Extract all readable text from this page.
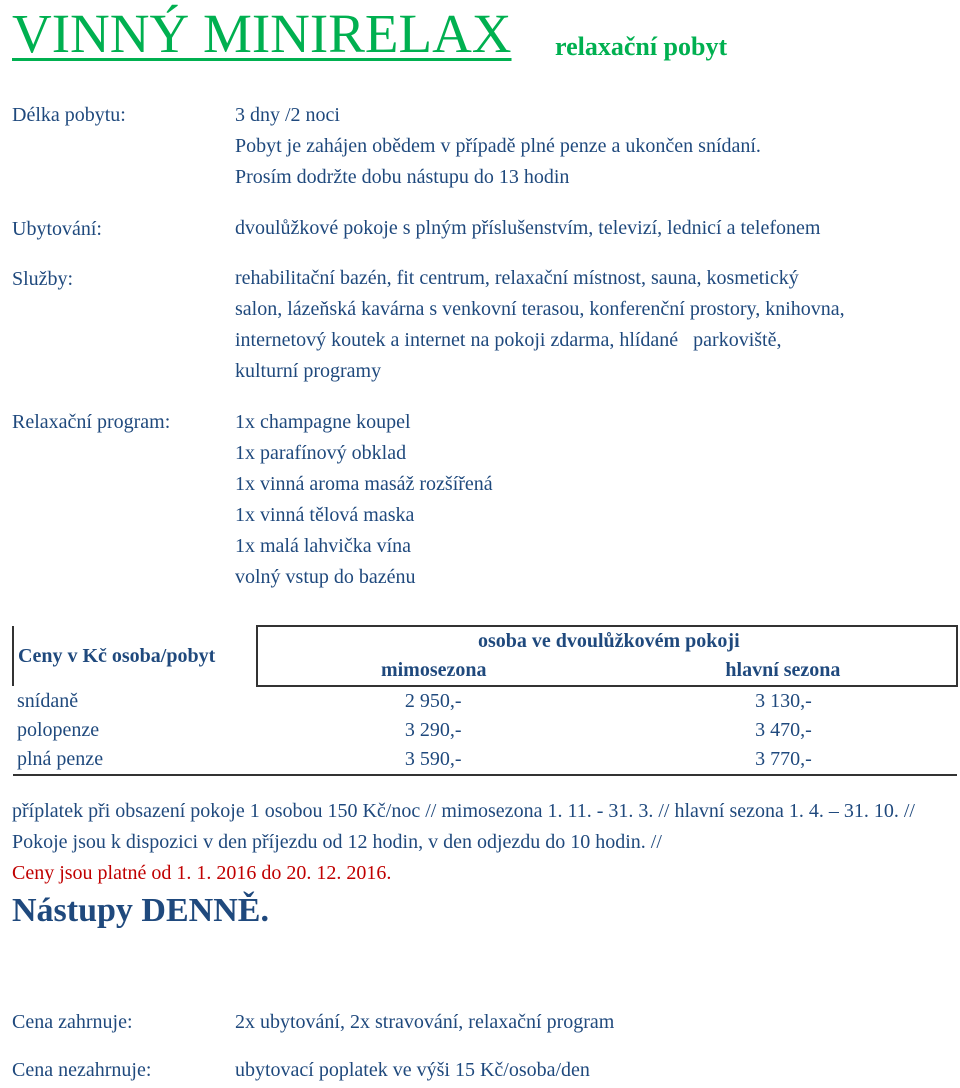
VINNÝ MINIRELAX relaxační pobyt
Délka pobytu:	3 dny /2 noci
Pobyt je zahájen obědem v případě plné penze a ukončen snídaní.
Prosím dodržte dobu nástupu do 13 hodin
Ubytování:	dvoulůžkové pokoje s plným příslušenstvím, televizí, lednicí a telefonem
Služby:	rehabilitační bazén, fit centrum, relaxační místnost, sauna, kosmetický
salon, lázeňská kavárna s venkovní terasou, konferenční prostory, knihovna,
internetový koutek a internet na pokoji zdarma, hlídané   parkoviště,
kulturní programy
Relaxační program:	1x champagne koupel
1x parafínový obklad
1x vinná aroma masáž rozšířená
1x vinná tělová maska
1x malá lahvička vína
volný vstup do bazénu
Ceny v Kč osoba/pobyt	osoba ve dvoulůžkovém pokoji	
	mimosezona	hlavní sezona
snídaně	2 950,-	3 130,-
polopenze	3 290,-	3 470,-
plná penze	3 590,-	3 770,-
příplatek při obsazení pokoje 1 osobou 150 Kč/noc // mimosezona 1. 11. - 31. 3. // hlavní sezona 1. 4. – 31. 10. // Pokoje jsou k dispozici v den příjezdu od 12 hodin, v den odjezdu do 10 hodin. //
Ceny jsou platné od 1. 1. 2016 do 20. 12. 2016.
Nástupy DENNĚ.
Cena zahrnuje:	2x ubytování, 2x stravování, relaxační program
Cena nezahrnuje:	ubytovací poplatek ve výši 15 Kč/osoba/den
